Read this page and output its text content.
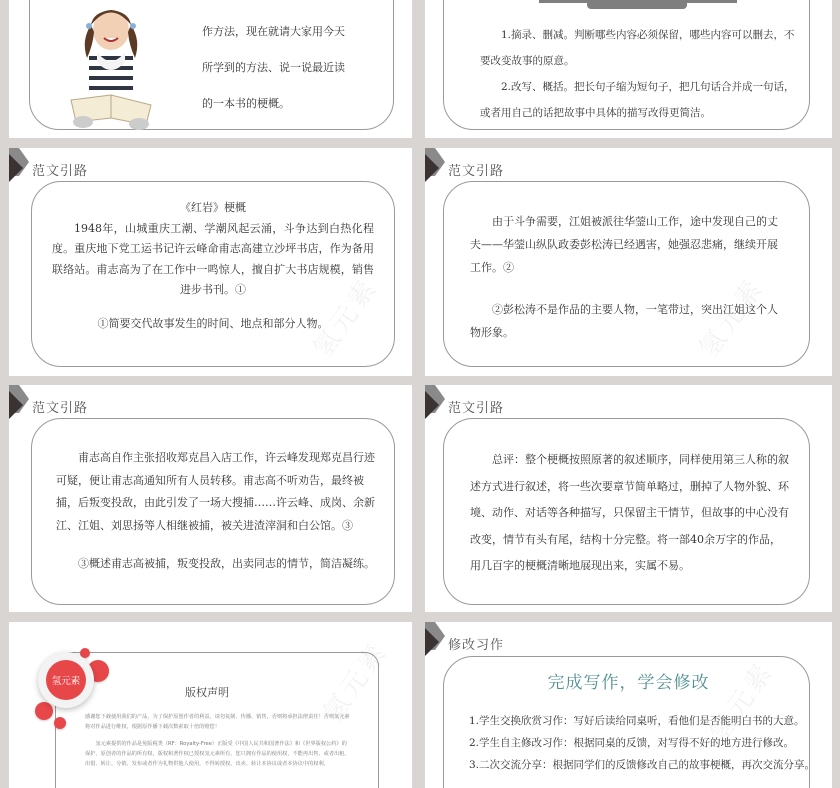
作方法，现在就请大家用今天
所学到的方法、说一说最近读
的一本书的梗概。

1.摘录、删减。判断哪些内容必须保留，哪些内容可以删去，不要改变故事的原意。

2.改写、概括。把长句子缩为短句子，把几句话合并成一句话，或者用自己的话把故事中具体的描写改得更简洁。

范文引路

《红岩》梗概

1948年，山城重庆工潮、学潮风起云涌，斗争达到白热化程度。重庆地下党工运书记许云峰命甫志高建立沙坪书店，作为备用联络站。甫志高为了在工作中一鸣惊人，擅自扩大书店规模，销售进步书刊。①

①简要交代故事发生的时间、地点和部分人物。

范文引路

由于斗争需要，江姐被派往华蓥山工作，途中发现自己的丈夫——华蓥山纵队政委彭松涛已经遇害，她强忍悲痛，继续开展工作。②

②彭松涛不是作品的主要人物，一笔带过，突出江姐这个人物形象。

范文引路

甫志高自作主张招收郑克昌入店工作，许云峰发现郑克昌行迹可疑，便让甫志高通知所有人员转移。甫志高不听劝告，最终被捕，后叛变投敌，由此引发了一场大搜捕……许云峰、成岗、余新江、江姐、刘思扬等人相继被捕，被关进渣滓洞和白公馆。③

③概述甫志高被捕，叛变投敌，出卖同志的情节，简洁凝练。

范文引路

总评：整个梗概按照原著的叙述顺序，同样使用第三人称的叙述方式进行叙述，将一些次要章节简单略过，删掉了人物外貌、环境、动作、对话等各种描写，只保留主干情节，但故事的中心没有改变，情节有头有尾，结构十分完整。将一部40余万字的作品，用几百字的梗概清晰地展现出来，实属不易。

氢元素
版权声明

感谢您下载使用我们的产品，为了保护原创作者的利益，请勿复制、传播、销售，否则将承担法律责任！否则氢元素将对作品进行维权，根据原作播下载次数索取十倍的赔偿！

氢元素提供的作品是免版税类（RF：Royalty-Free）正版受《中国人民共和国著作法》和《世界版权公约》的保护，原创者的作品的所有权、版权和著作权已授权氢元素所有，您只拥有作品的使用权，不能再出售，或者出租、出借、转让、分销、发布或者作为礼物供他人使用，不得转授权、出卖、转让本协议或者本协议中的权利。

修改习作
完成写作，学会修改

1.学生交换欣赏习作：写好后读给同桌听，看他们是否能明白书的大意。

2.学生自主修改习作：根据同桌的反馈，对写得不好的地方进行修改。

3.二次交流分享：根据同学们的反馈修改自己的故事梗概，再次交流分享。
